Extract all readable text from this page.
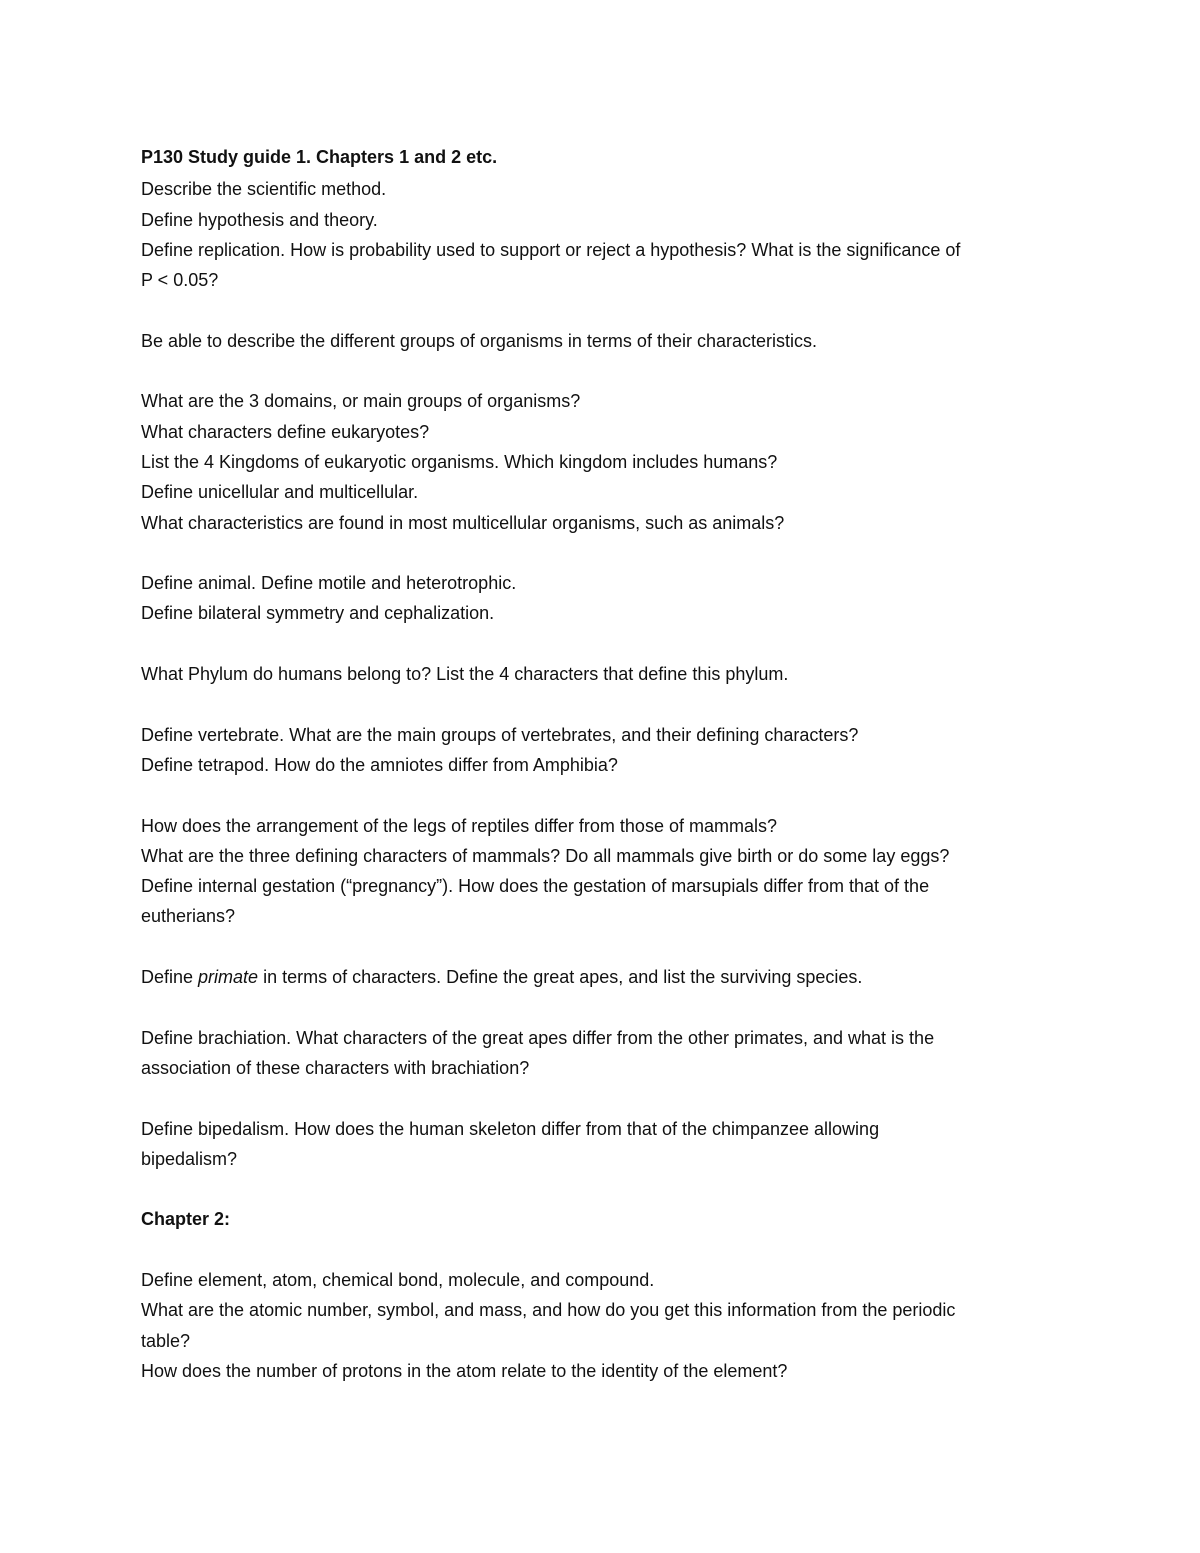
P130 Study guide 1. Chapters 1 and 2 etc.

Describe the scientific method.

Define hypothesis and theory.

Define replication. How is probability used to support or reject a hypothesis? What is the significance of

P < 0.05?

Be able to describe the different groups of organisms in terms of their characteristics.

What are the 3 domains, or main groups of organisms?

What characters define eukaryotes?

List the 4 Kingdoms of eukaryotic organisms. Which kingdom includes humans?

Define unicellular and multicellular.

What characteristics are found in most multicellular organisms, such as animals?

Define animal. Define motile and heterotrophic.

Define bilateral symmetry and cephalization.

What Phylum do humans belong to? List the 4 characters that define this phylum.

Define vertebrate. What are the main groups of vertebrates, and their defining characters?

Define tetrapod. How do the amniotes differ from Amphibia?

How does the arrangement of the legs of reptiles differ from those of mammals?

What are the three defining characters of mammals? Do all mammals give birth or do some lay eggs?

Define internal gestation (“pregnancy”). How does the gestation of marsupials differ from that of the

eutherians?

Define primate in terms of characters. Define the great apes, and list the surviving species.

Define brachiation. What characters of the great apes differ from the other primates, and what is the

association of these characters with brachiation?

Define bipedalism. How does the human skeleton differ from that of the chimpanzee allowing

bipedalism?

Chapter 2:

Define element, atom, chemical bond, molecule, and compound.

What are the atomic number, symbol, and mass, and how do you get this information from the periodic

table?

How does the number of protons in the atom relate to the identity of the element?
